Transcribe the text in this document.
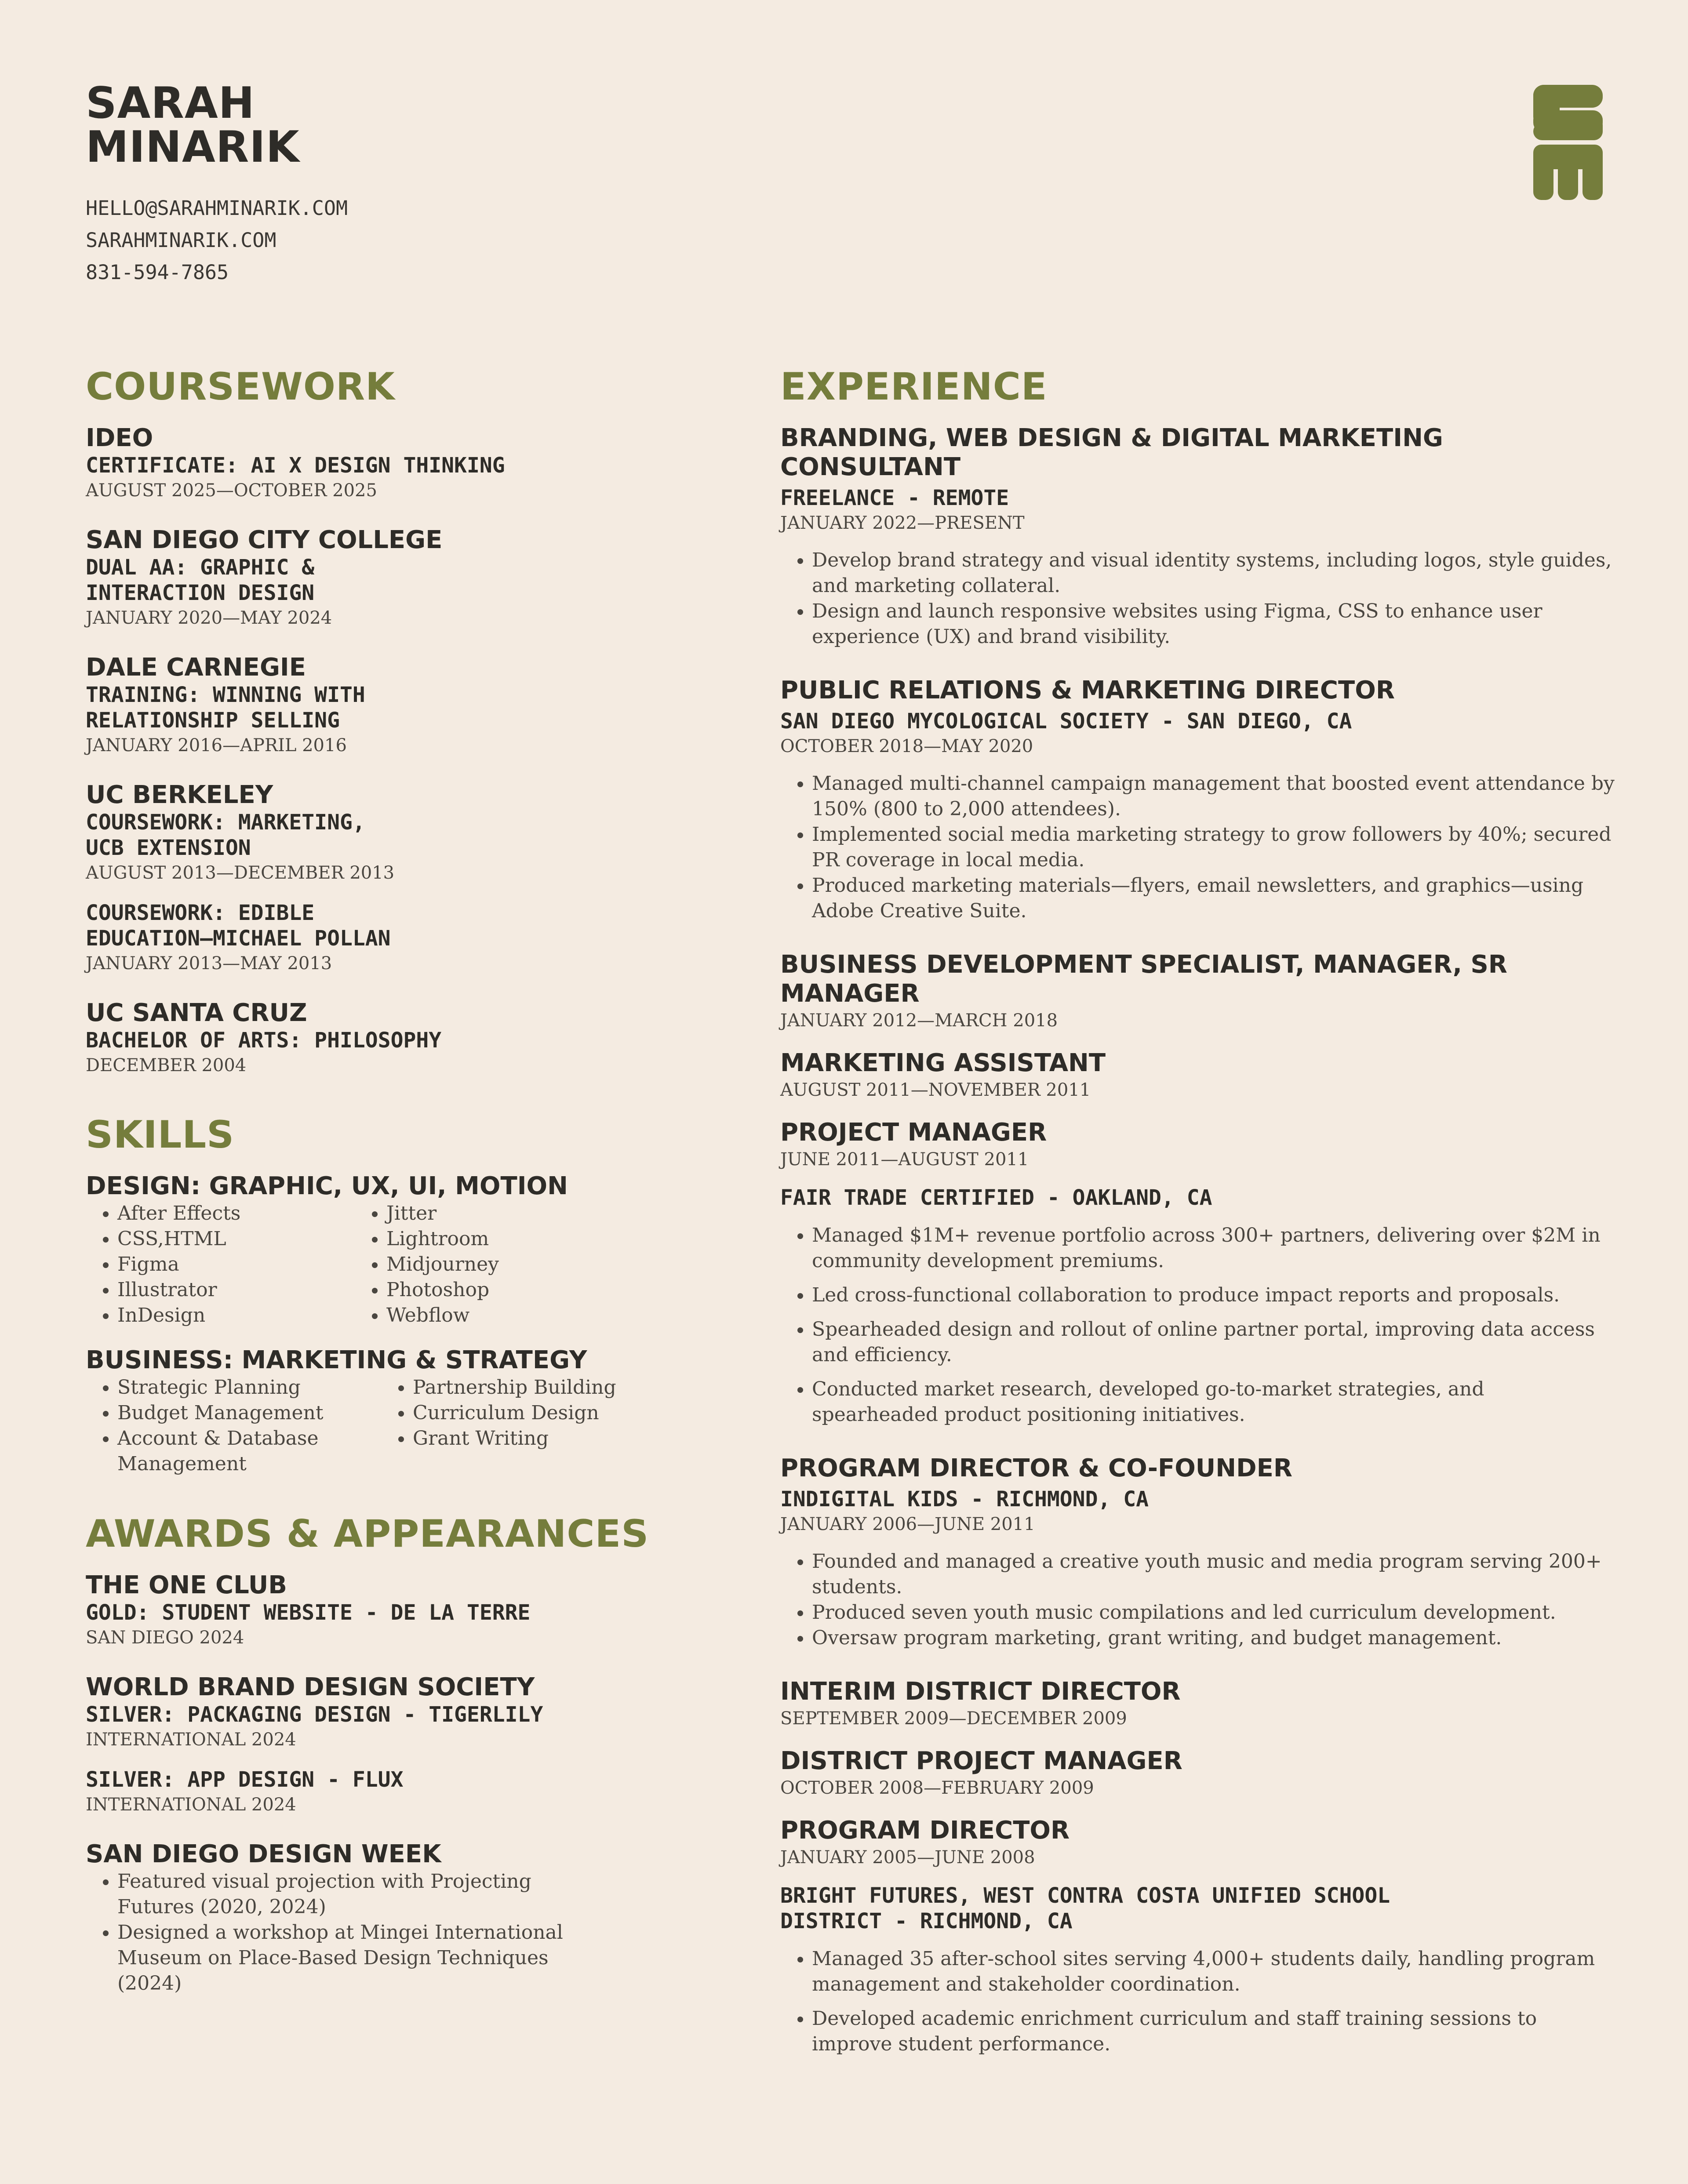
SARAH
MINARIK
HELLO@SARAHMINARIK.COM
SARAHMINARIK.COM
831-594-7865
COURSEWORK
IDEO
CERTIFICATE: AI X DESIGN THINKING
AUGUST 2025—OCTOBER 2025
SAN DIEGO CITY COLLEGE
DUAL AA: GRAPHIC &
INTERACTION DESIGN
JANUARY 2020—MAY 2024
DALE CARNEGIE
TRAINING: WINNING WITH
RELATIONSHIP SELLING
JANUARY 2016—APRIL 2016
UC BERKELEY
COURSEWORK: MARKETING,
UCB EXTENSION
AUGUST 2013—DECEMBER 2013
COURSEWORK: EDIBLE
EDUCATION—MICHAEL POLLAN
JANUARY 2013—MAY 2013
UC SANTA CRUZ
BACHELOR OF ARTS: PHILOSOPHY
DECEMBER 2004
SKILLS
DESIGN: GRAPHIC, UX, UI, MOTION
• After Effects
• CSS,HTML
• Figma
• Illustrator
• InDesign
• Jitter
• Lightroom
• Midjourney
• Photoshop
• Webflow
BUSINESS: MARKETING & STRATEGY
• Strategic Planning
• Budget Management
• Account & Database Management
• Partnership Building
• Curriculum Design
• Grant Writing
AWARDS & APPEARANCES
THE ONE CLUB
GOLD: STUDENT WEBSITE - DE LA TERRE
SAN DIEGO 2024
WORLD BRAND DESIGN SOCIETY
SILVER: PACKAGING DESIGN - TIGERLILY
INTERNATIONAL 2024
SILVER: APP DESIGN - FLUX
INTERNATIONAL 2024
SAN DIEGO DESIGN WEEK
• Featured visual projection with Projecting Futures (2020, 2024)
• Designed a workshop at Mingei International Museum on Place-Based Design Techniques (2024)
EXPERIENCE
BRANDING, WEB DESIGN & DIGITAL MARKETING CONSULTANT
FREELANCE - REMOTE
JANUARY 2022—PRESENT
• Develop brand strategy and visual identity systems, including logos, style guides, and marketing collateral.
• Design and launch responsive websites using Figma, CSS to enhance user experience (UX) and brand visibility.
PUBLIC RELATIONS & MARKETING DIRECTOR
SAN DIEGO MYCOLOGICAL SOCIETY - SAN DIEGO, CA
OCTOBER 2018—MAY 2020
• Managed multi-channel campaign management that boosted event attendance by 150% (800 to 2,000 attendees).
• Implemented social media marketing strategy to grow followers by 40%; secured PR coverage in local media.
• Produced marketing materials—flyers, email newsletters, and graphics—using Adobe Creative Suite.
BUSINESS DEVELOPMENT SPECIALIST, MANAGER, SR MANAGER
JANUARY 2012—MARCH 2018
MARKETING ASSISTANT
AUGUST 2011—NOVEMBER 2011
PROJECT MANAGER
JUNE 2011—AUGUST 2011
FAIR TRADE CERTIFIED - OAKLAND, CA
• Managed $1M+ revenue portfolio across 300+ partners, delivering over $2M in community development premiums.
• Led cross-functional collaboration to produce impact reports and proposals.
• Spearheaded design and rollout of online partner portal, improving data access and efficiency.
• Conducted market research, developed go-to-market strategies, and spearheaded product positioning initiatives.
PROGRAM DIRECTOR & CO-FOUNDER
INDIGITAL KIDS - RICHMOND, CA
JANUARY 2006—JUNE 2011
• Founded and managed a creative youth music and media program serving 200+ students.
• Produced seven youth music compilations and led curriculum development.
• Oversaw program marketing, grant writing, and budget management.
INTERIM DISTRICT DIRECTOR
SEPTEMBER 2009—DECEMBER 2009
DISTRICT PROJECT MANAGER
OCTOBER 2008—FEBRUARY 2009
PROGRAM DIRECTOR
JANUARY 2005—JUNE 2008
BRIGHT FUTURES, WEST CONTRA COSTA UNIFIED SCHOOL
DISTRICT - RICHMOND, CA
• Managed 35 after-school sites serving 4,000+ students daily, handling program management and stakeholder coordination.
• Developed academic enrichment curriculum and staff training sessions to improve student performance.
